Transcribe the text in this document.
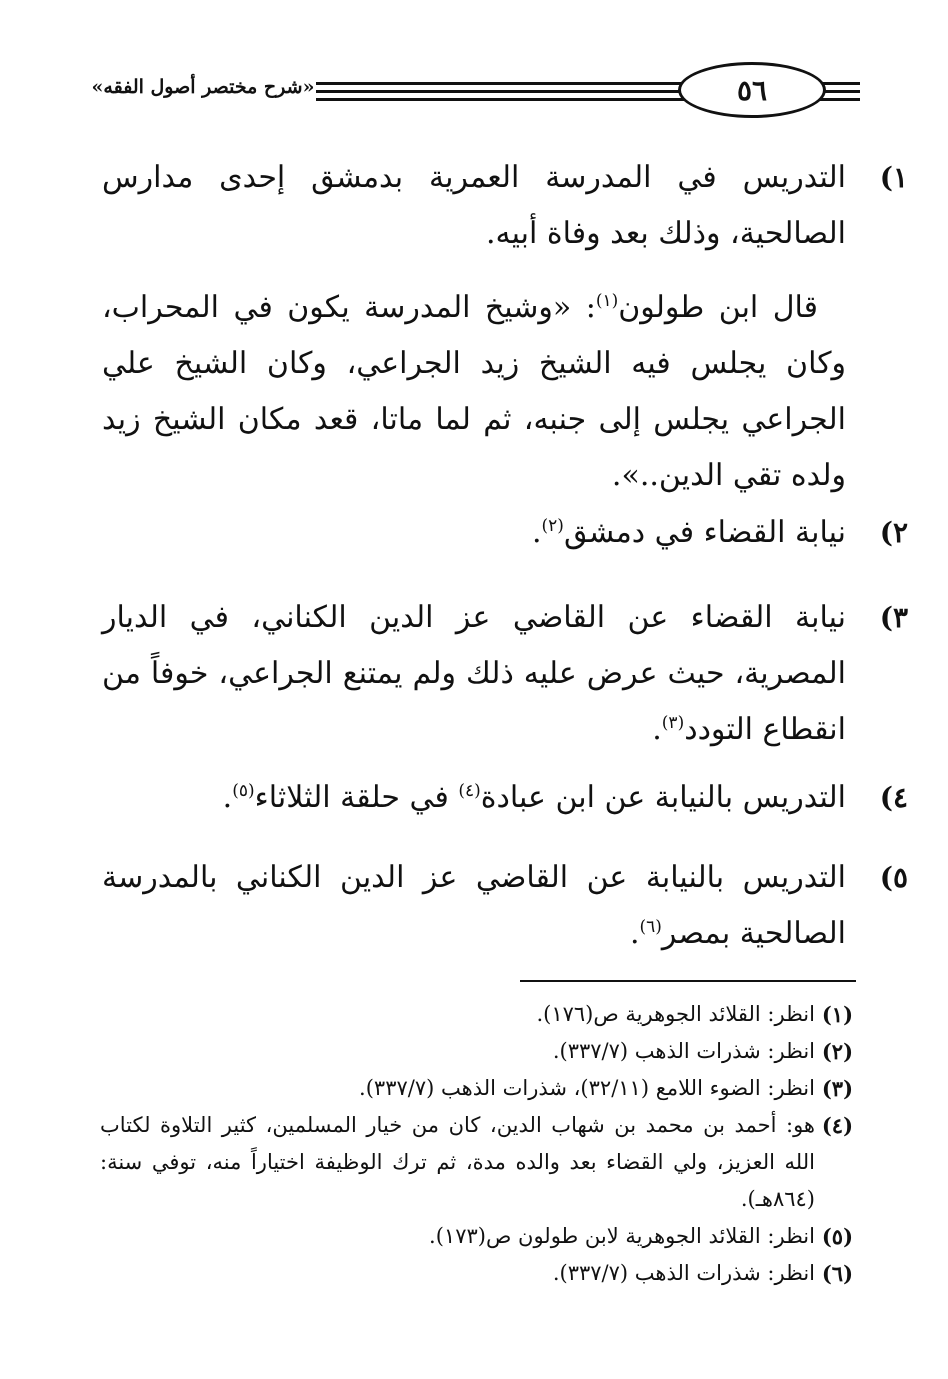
٥٦
«شرح مختصر أصول الفقه»
١)
التدريس في المدرسة العمرية بدمشق إحدى مدارس الصالحية، وذلك بعد وفاة أبيه.
قال ابن طولون$^{(١)}$: «وشيخ المدرسة يكون في المحراب، وكان يجلس فيه الشيخ زيد الجراعي، وكان الشيخ علي الجراعي يجلس إلى جنبه، ثم لما ماتا، قعد مكان الشيخ زيد ولده تقي الدين..».
٢)
نيابة القضاء في دمشق$^{(٢)}$.
٣)
نيابة القضاء عن القاضي عز الدين الكناني، في الديار المصرية، حيث عرض عليه ذلك ولم يمتنع الجراعي، خوفاً من انقطاع التودد$^{(٣)}$.
٤)
التدريس بالنيابة عن ابن عبادة$^{(٤)}$ في حلقة الثلاثاء$^{(٥)}$.
٥)
التدريس بالنيابة عن القاضي عز الدين الكناني بالمدرسة الصالحية بمصر$^{(٦)}$.
(١)
انظر: القلائد الجوهرية ص(١٧٦).
(٢)
انظر: شذرات الذهب (٣٣٧/٧).
(٣)
انظر: الضوء اللامع (٣٢/١١)، شذرات الذهب (٣٣٧/٧).
(٤)
هو: أحمد بن محمد بن شهاب الدين، كان من خيار المسلمين، كثير التلاوة لكتاب الله العزيز، ولي القضاء بعد والده مدة، ثم ترك الوظيفة اختياراً منه، توفي سنة: (٨٦٤هـ).
(٥)
انظر: القلائد الجوهرية لابن طولون ص(١٧٣).
(٦)
انظر: شذرات الذهب (٣٣٧/٧).
